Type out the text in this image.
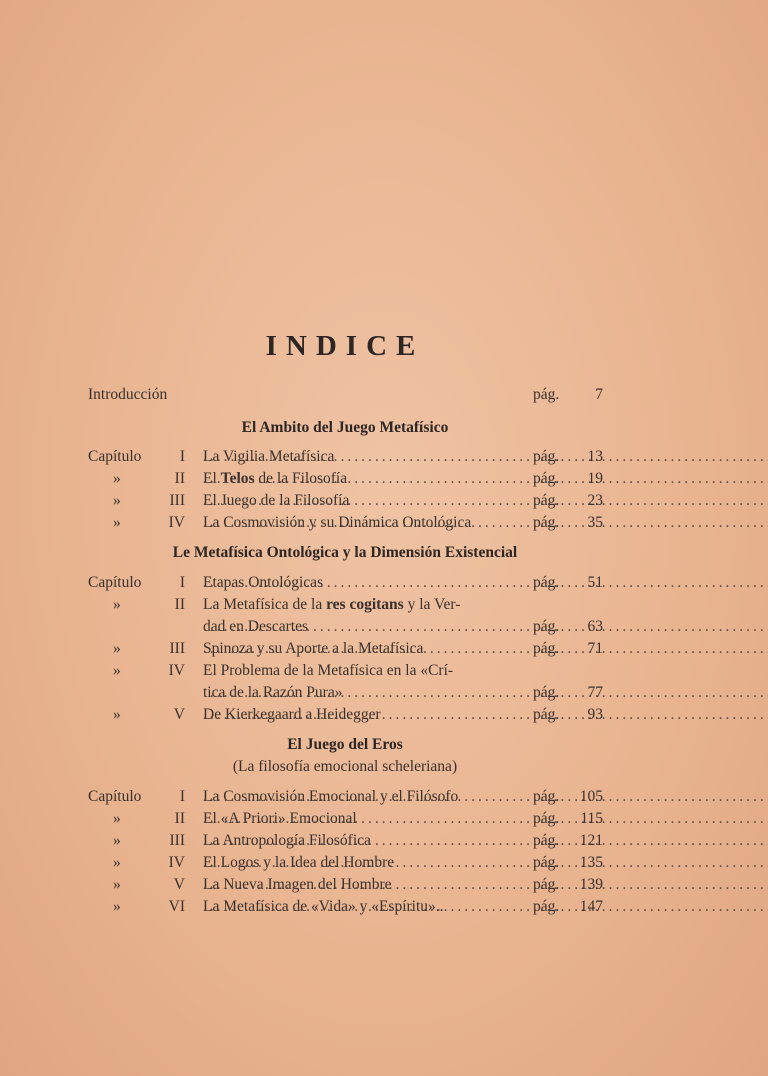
INDICE
Introducción	pág. 7
El Ambito del Juego Metafísico
Capítulo I La Vigilia Metafísica .....	pág. 13
»	II El Telos de la Filosofía .....	pág. 19
»	III El Juego de la Filosofía .....	pág. 23
»	IV La Cosmovisión y su Dinámica Ontológica .....	pág. 35
Le Metafísica Ontológica y la Dimensión Existencial
Capítulo I Etapas Ontológicas .....	pág. 51
»	II La Metafísica de la res cogitans y la Ver-
dad en Descartes .....	pág. 63
»	III Spinoza y su Aporte a la Metafísica .....	pág. 71
»	IV El Problema de la Metafísica en la «Crí-
tica de la Razón Pura» .....	pág. 77
»	V De Kierkegaard a Heidegger .....	pág. 93
El Juego del Eros
(La filosofía emocional scheleriana)
Capítulo I La Cosmovisión Emocional y el Filósofo .....	pág. 105
»	II El «A Priori» Emocional .....	pág. 115
»	III La Antropología Filosófica .....	pág. 121
»	IV El Logos y la Idea del Hombre .....	pág. 135
»	V La Nueva Imagen del Hombre .....	pág. 139
»	VI La Metafísica de «Vida» y «Espíritu».. .....	pág. 147
